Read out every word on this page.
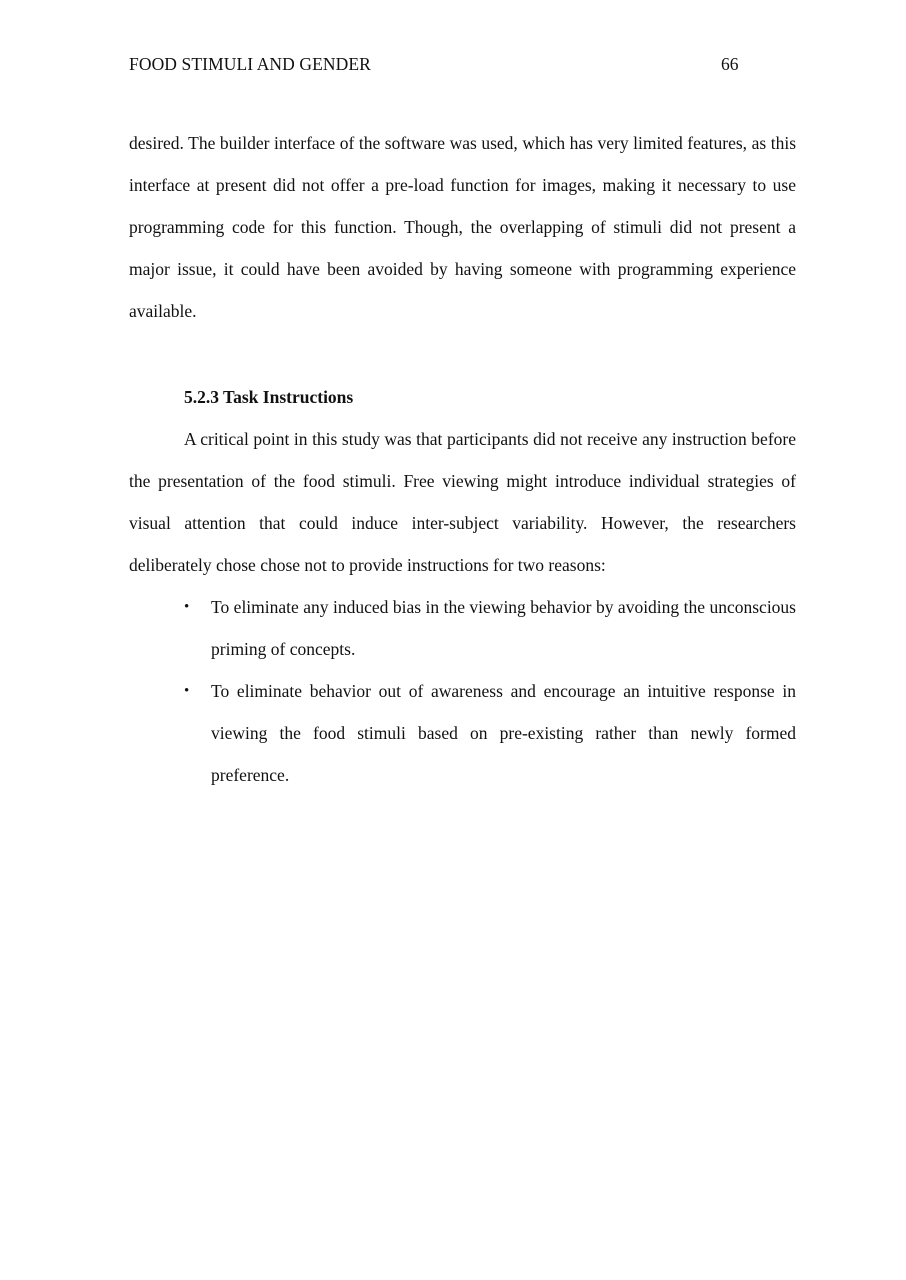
FOOD STIMULI AND GENDER	66

desired. The builder interface of the software was used, which has very limited features, as this interface at present did not offer a pre-load function for images, making it necessary to use programming code for this function. Though, the overlapping of stimuli did not present a major issue, it could have been avoided by having someone with programming experience available.

5.2.3 Task Instructions

A critical point in this study was that participants did not receive any instruction before the presentation of the food stimuli. Free viewing might introduce individual strategies of visual attention that could induce inter-subject variability. However, the researchers deliberately chose chose not to provide instructions for two reasons:

• To eliminate any induced bias in the viewing behavior by avoiding the unconscious priming of concepts.
• To eliminate behavior out of awareness and encourage an intuitive response in viewing the food stimuli based on pre-existing rather than newly formed preference.
